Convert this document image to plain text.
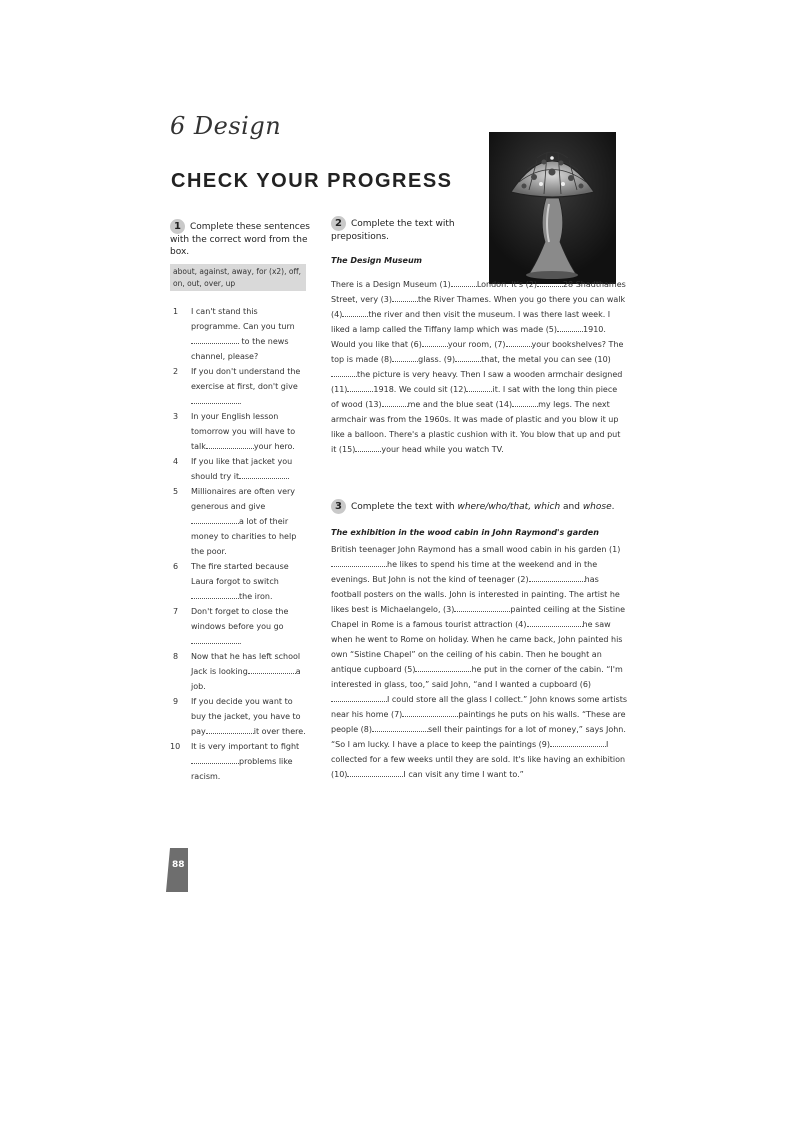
6 Design
CHECK YOUR PROGRESS
1 Complete these sentences with the correct word from the box.
about, against, away, for (x2), off, on, out, over, up
1 I can't stand this programme. Can you turn to the news channel, please?
2 If you don't understand the exercise at first, don't give.
3 In your English lesson tomorrow you will have to talk	your hero.
4 If you like that jacket you should try it	.
5 Millionaires are often very generous and givea lot of their money to charities to help the poor.
6 The fire started because Laura forgot to switchthe iron.
7 Don't forget to close the windows before you go.
8 Now that he has left school Jack is looking	a job.
9 If you decide you want to buy the jacket, you have to pay	it over there.
10 It is very important to fightproblems like racism.
2 Complete the text with prepositions.
The Design Museum
There is a Design Museum (1)	London. It's (2)	28 Shadthames Street, very (3)	the River Thames. When you go there you can walk (4)	the river and then visit the museum. I was there last week. I liked a lamp called the Tiffany lamp which was made (5)	1910. Would you like that (6)	your room, (7)	your bookshelves? The top is made (8)	glass. (9)	that, the metal you can see (10)the picture is very heavy. Then I saw a wooden armchair designed (11)	1918. We could sit (12)	it. I sat with the long thin piece of wood (13)	me and the blue seat (14)	my legs. The next armchair was from the 1960s. It was made of plastic and you blow it up like a balloon. There's a plastic cushion with it. You blow that up and put it (15)	your head while you watch TV.
3 Complete the text with where/who/that, which and whose.
The exhibition in the wood cabin in John Raymond's garden
British teenager John Raymond has a small wood cabin in his garden (1)he likes to spend his time at the weekend and in the evenings. But John is not the kind of teenager (2)	has football posters on the walls. John is interested in painting. The artist he likes best is Michaelangelo, (3)	painted ceiling at the Sistine Chapel in Rome is a famous tourist attraction (4)	he saw when he went to Rome on holiday. When he came back, John painted his own “Sistine Chapel” on the ceiling of his cabin. Then he bought an antique cupboard (5)	he put in the corner of the cabin. “I'm interested in glass, too,” said John, “and I wanted a cupboard (6)I could store all the glass I collect.” John knows some artists near his home (7)	paintings he puts on his walls. “These are people (8)	sell their paintings for a lot of money,” says John. “So I am lucky. I have a place to keep the paintings (9)	I collected for a few weeks until they are sold. It's like having an exhibition (10)	I can visit any time I want to.”
88
